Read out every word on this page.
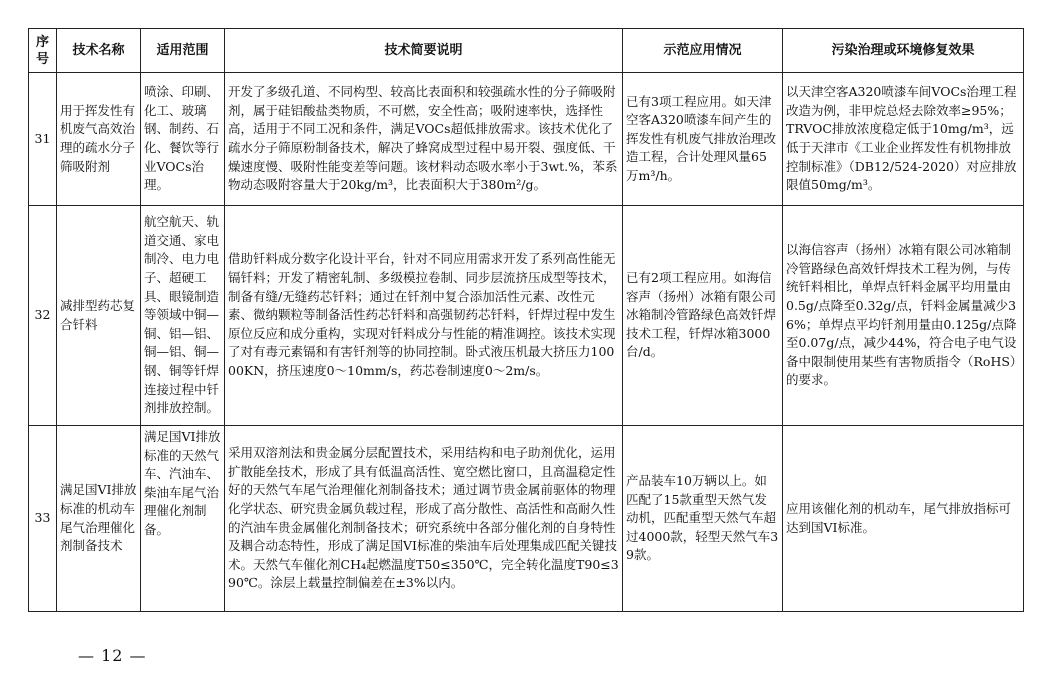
序号	技术名称	适用范围	技术简要说明	示范应用情况	污染治理或环境修复效果
31	用于挥发性有机废气高效治理的疏水分子筛吸附剂	喷涂、印刷、化工、玻璃钢、制药、石化、餐饮等行业VOCs治理。	开发了多级孔道、不同构型、较高比表面积和较强疏水性的分子筛吸附剂，属于硅铝酸盐类物质，不可燃，安全性高；吸附速率快，选择性高，适用于不同工况和条件，满足VOCs超低排放需求。该技术优化了疏水分子筛原粉制备技术，解决了蜂窝成型过程中易开裂、强度低、干燥速度慢、吸附性能变差等问题。该材料动态吸水率小于3wt.%，苯系物动态吸附容量大于20kg/m³，比表面积大于380m²/g。	已有3项工程应用。如天津空客A320喷漆车间产生的挥发性有机废气排放治理改造工程，合计处理风量65万m³/h。	以天津空客A320喷漆车间VOCs治理工程改造为例，非甲烷总烃去除效率≥95%；TRVOC排放浓度稳定低于10mg/m³，远低于天津市《工业企业挥发性有机物排放控制标准》（DB12/524-2020）对应排放限值50mg/m³。
32	减排型药芯复合钎料	航空航天、轨道交通、家电制冷、电力电子、超硬工具、眼镜制造等领域中铜—铜、铝—铝、铜—铝、铜—钢、铜等钎焊连接过程中钎剂排放控制。	借助钎料成分数字化设计平台，针对不同应用需求开发了系列高性能无镉钎料；开发了精密轧制、多级模拉卷制、同步层流挤压成型等技术，制备有缝/无缝药芯钎料；通过在钎剂中复合添加活性元素、改性元素、微纳颗粒等制备活性药芯钎料和高强韧药芯钎料，钎焊过程中发生原位反应和成分重构，实现对钎料成分与性能的精准调控。该技术实现了对有毒元素镉和有害钎剂等的协同控制。卧式液压机最大挤压力10000KN，挤压速度0～10mm/s，药芯卷制速度0～2m/s。	已有2项工程应用。如海信容声（扬州）冰箱有限公司冰箱制冷管路绿色高效钎焊技术工程，钎焊冰箱3000台/d。	以海信容声（扬州）冰箱有限公司冰箱制冷管路绿色高效钎焊技术工程为例，与传统钎料相比，单焊点钎料金属平均用量由0.5g/点降至0.32g/点，钎料金属量减少36%；单焊点平均钎剂用量由0.125g/点降至0.07g/点，减少44%，符合电子电气设备中限制使用某些有害物质指令（RoHS）的要求。
33	满足国VI排放标准的机动车尾气治理催化剂制备技术	满足国VI排放标准的天然气车、汽油车、柴油车尾气治理催化剂制备。	采用双溶剂法和贵金属分层配置技术，采用结构和电子助剂优化，运用扩散能垒技术，形成了具有低温高活性、宽空燃比窗口，且高温稳定性好的天然气车尾气治理催化剂制备技术；通过调节贵金属前驱体的物理化学状态、研究贵金属负载过程，形成了高分散性、高活性和高耐久性的汽油车贵金属催化剂制备技术；研究系统中各部分催化剂的自身特性及耦合动态特性，形成了满足国VI标准的柴油车后处理集成匹配关键技术。天然气车催化剂CH₄起燃温度T50≤350℃，完全转化温度T90≤390℃。涂层上载量控制偏差在±3%以内。	产品装车10万辆以上。如匹配了15款重型天然气发动机，匹配重型天然气车超过4000款，轻型天然气车39款。	应用该催化剂的机动车，尾气排放指标可达到国VI标准。
— 12 —
